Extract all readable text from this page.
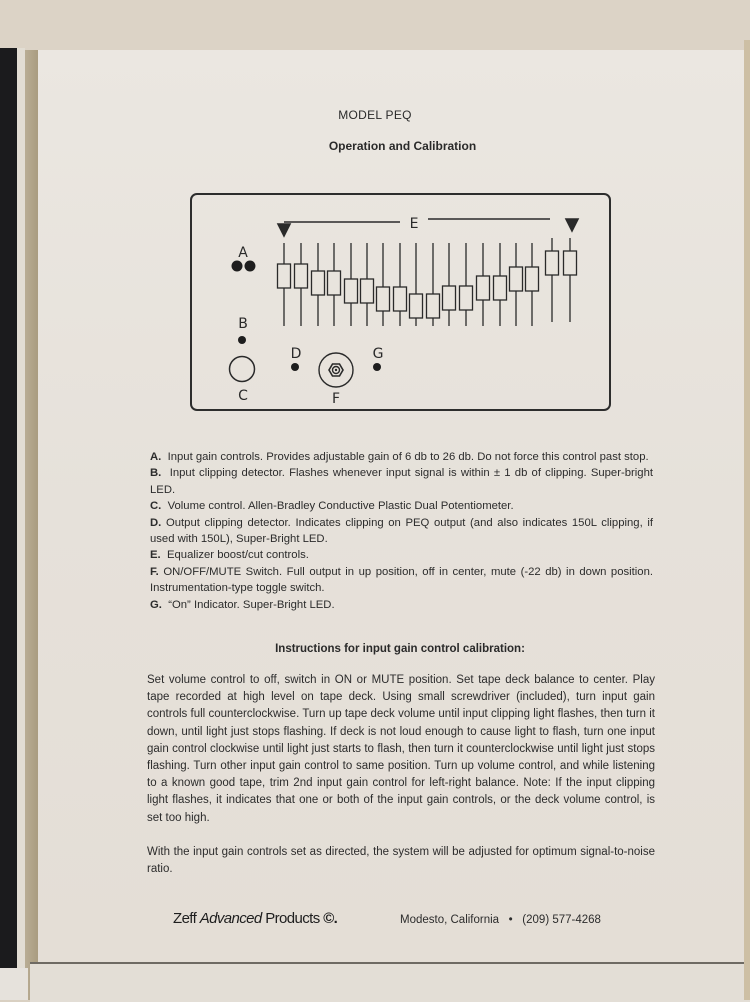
MODEL PEQ
Operation and Calibration
E
A
B
C
D
F
G

A. Input gain controls. Provides adjustable gain of 6 db to 26 db. Do not force this control past stop.

B. Input clipping detector. Flashes whenever input signal is within ± 1 db of clipping. Super-bright LED.

C. Volume control. Allen-Bradley Conductive Plastic Dual Potentiometer.

D. Output clipping detector. Indicates clipping on PEQ output (and also indicates 150L clipping, if used with 150L), Super-Bright LED.

E. Equalizer boost/cut controls.

F. ON/OFF/MUTE Switch. Full output in up position, off in center, mute (-22 db) in down position. Instrumentation-type toggle switch.

G. “On” Indicator. Super-Bright LED.

Instructions for input gain control calibration:

Set volume control to off, switch in ON or MUTE position. Set tape deck balance to center. Play tape recorded at high level on tape deck. Using small screwdriver (included), turn input gain controls full counterclockwise. Turn up tape deck volume until input clipping light flashes, then turn it down, until light just stops flashing. If deck is not loud enough to cause light to flash, turn one input gain control clockwise until light just starts to flash, then turn it counterclockwise until light just stops flashing. Turn other input gain control to same position. Turn up volume control, and while listening to a known good tape, trim 2nd input gain control for left-right balance. Note: If the input clipping light flashes, it indicates that one or both of the input gain controls, or the deck volume control, is set too high.

With the input gain controls set as directed, the system will be adjusted for optimum signal-to-noise ratio.

Zeff Advanced Products ©.	Modesto, California • (209) 577-4268
